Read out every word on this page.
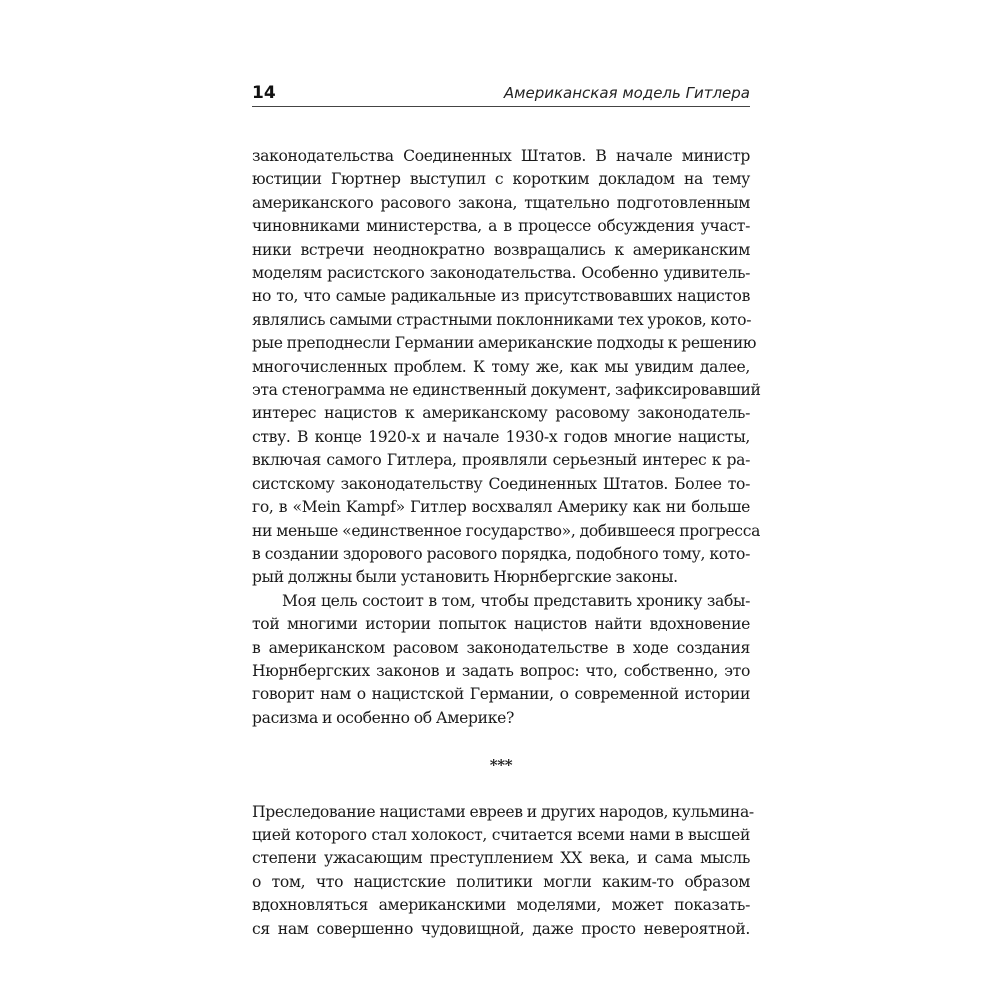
14	Американская модель Гитлера
законодательства Соединенных Штатов. В начале министр
юстиции Гюртнер выступил с коротким докладом на тему
американского расового закона, тщательно подготовленным
чиновниками министерства, а в процессе обсуждения участ-
ники встречи неоднократно возвращались к американским
моделям расистского законодательства. Особенно удивитель-
но то, что самые радикальные из присутствовавших нацистов
являлись самыми страстными поклонниками тех уроков, кото-
рые преподнесли Германии американские подходы к решению
многочисленных проблем. К тому же, как мы увидим далее,
эта стенограмма не единственный документ, зафиксировавший
интерес нацистов к американскому расовому законодатель-
ству. В конце 1920-х и начале 1930-х годов многие нацисты,
включая самого Гитлера, проявляли серьезный интерес к ра-
систскому законодательству Соединенных Штатов. Более то-
го, в «Mein Kampf» Гитлер восхвалял Америку как ни больше
ни меньше «единственное государство», добившееся прогресса
в создании здорового расового порядка, подобного тому, кото-
рый должны были установить Нюрнбергские законы.
Моя цель состоит в том, чтобы представить хронику забы-
той многими истории попыток нацистов найти вдохновение
в американском расовом законодательстве в ходе создания
Нюрнбергских законов и задать вопрос: что, собственно, это
говорит нам о нацистской Германии, о современной истории
расизма и особенно об Америке?
***
Преследование нацистами евреев и других народов, кульмина-
цией которого стал холокост, считается всеми нами в высшей
степени ужасающим преступлением XX века, и сама мысль
о том, что нацистские политики могли каким-то образом
вдохновляться американскими моделями, может показать-
ся нам совершенно чудовищной, даже просто невероятной.
